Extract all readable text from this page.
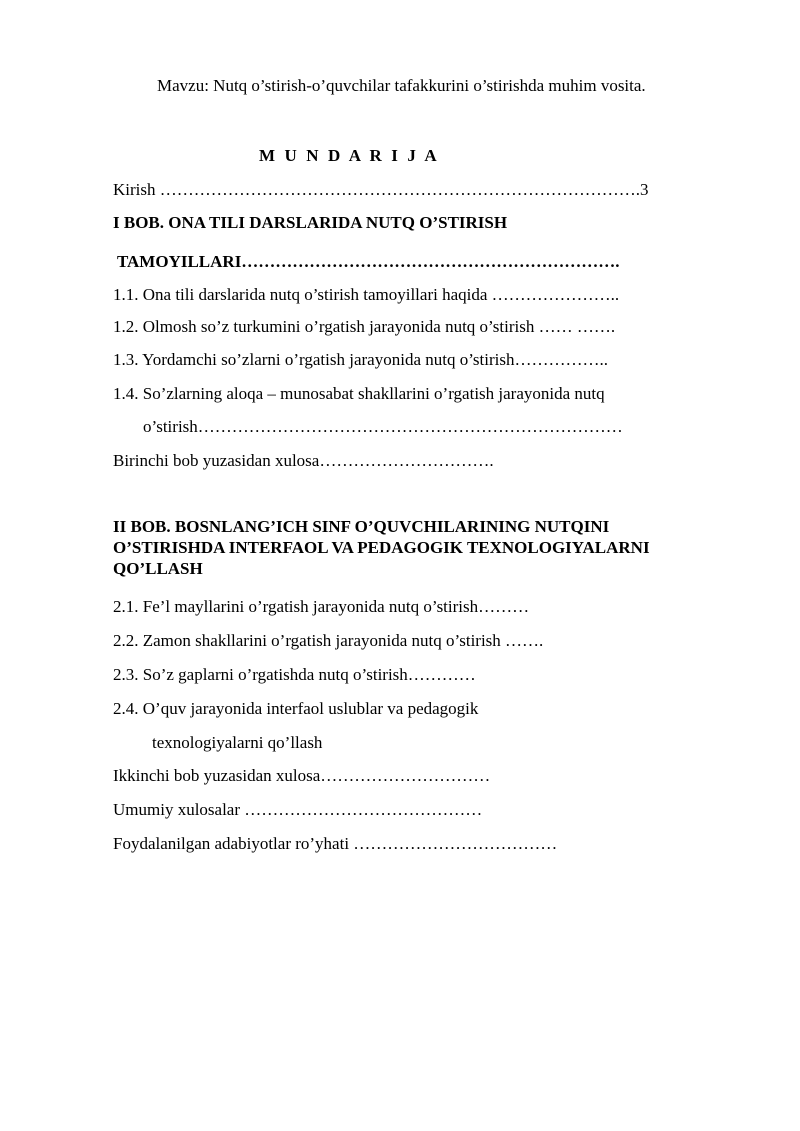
Mavzu: Nutq o’stirish-o’quvchilar tafakkurini o’stirishda muhim vosita.
M U N D A R I J A
Kirish ………………………………………………………………………….3
I BOB. ONA TILI DARSLARIDA NUTQ O’STIRISH
TAMOYILLARI………………………………………………………….
1.1. Ona tili darslarida nutq o’stirish tamoyillari haqida …………………..
1.2. Olmosh so’z turkumini o’rgatish jarayonida nutq o’stirish …… …….
1.3. Yordamchi so’zlarni o’rgatish jarayonida nutq o’stirish……………..
1.4. So’zlarning aloqa – munosabat shakllarini o’rgatish jarayonida nutq
o’stirish…………………………………………………………………
Birinchi bob yuzasidan xulosa………………………….
II BOB. BOSNLANG’ICH SINF O’QUVCHILARINING NUTQINI
O’STIRISHDA INTERFAOL VA PEDAGOGIK TEXNOLOGIYALARNI
QO’LLASH
2.1. Fe’l mayllarini o’rgatish jarayonida nutq o’stirish………
2.2. Zamon shakllarini o’rgatish jarayonida nutq o’stirish …….
2.3. So’z gaplarni o’rgatishda nutq o’stirish…………
2.4. O’quv jarayonida interfaol uslublar va pedagogik
texnologiyalarni qo’llash
Ikkinchi bob yuzasidan xulosa…………………………
Umumiy xulosalar ……………………………………
Foydalanilgan adabiyotlar ro’yhati ………………………………
